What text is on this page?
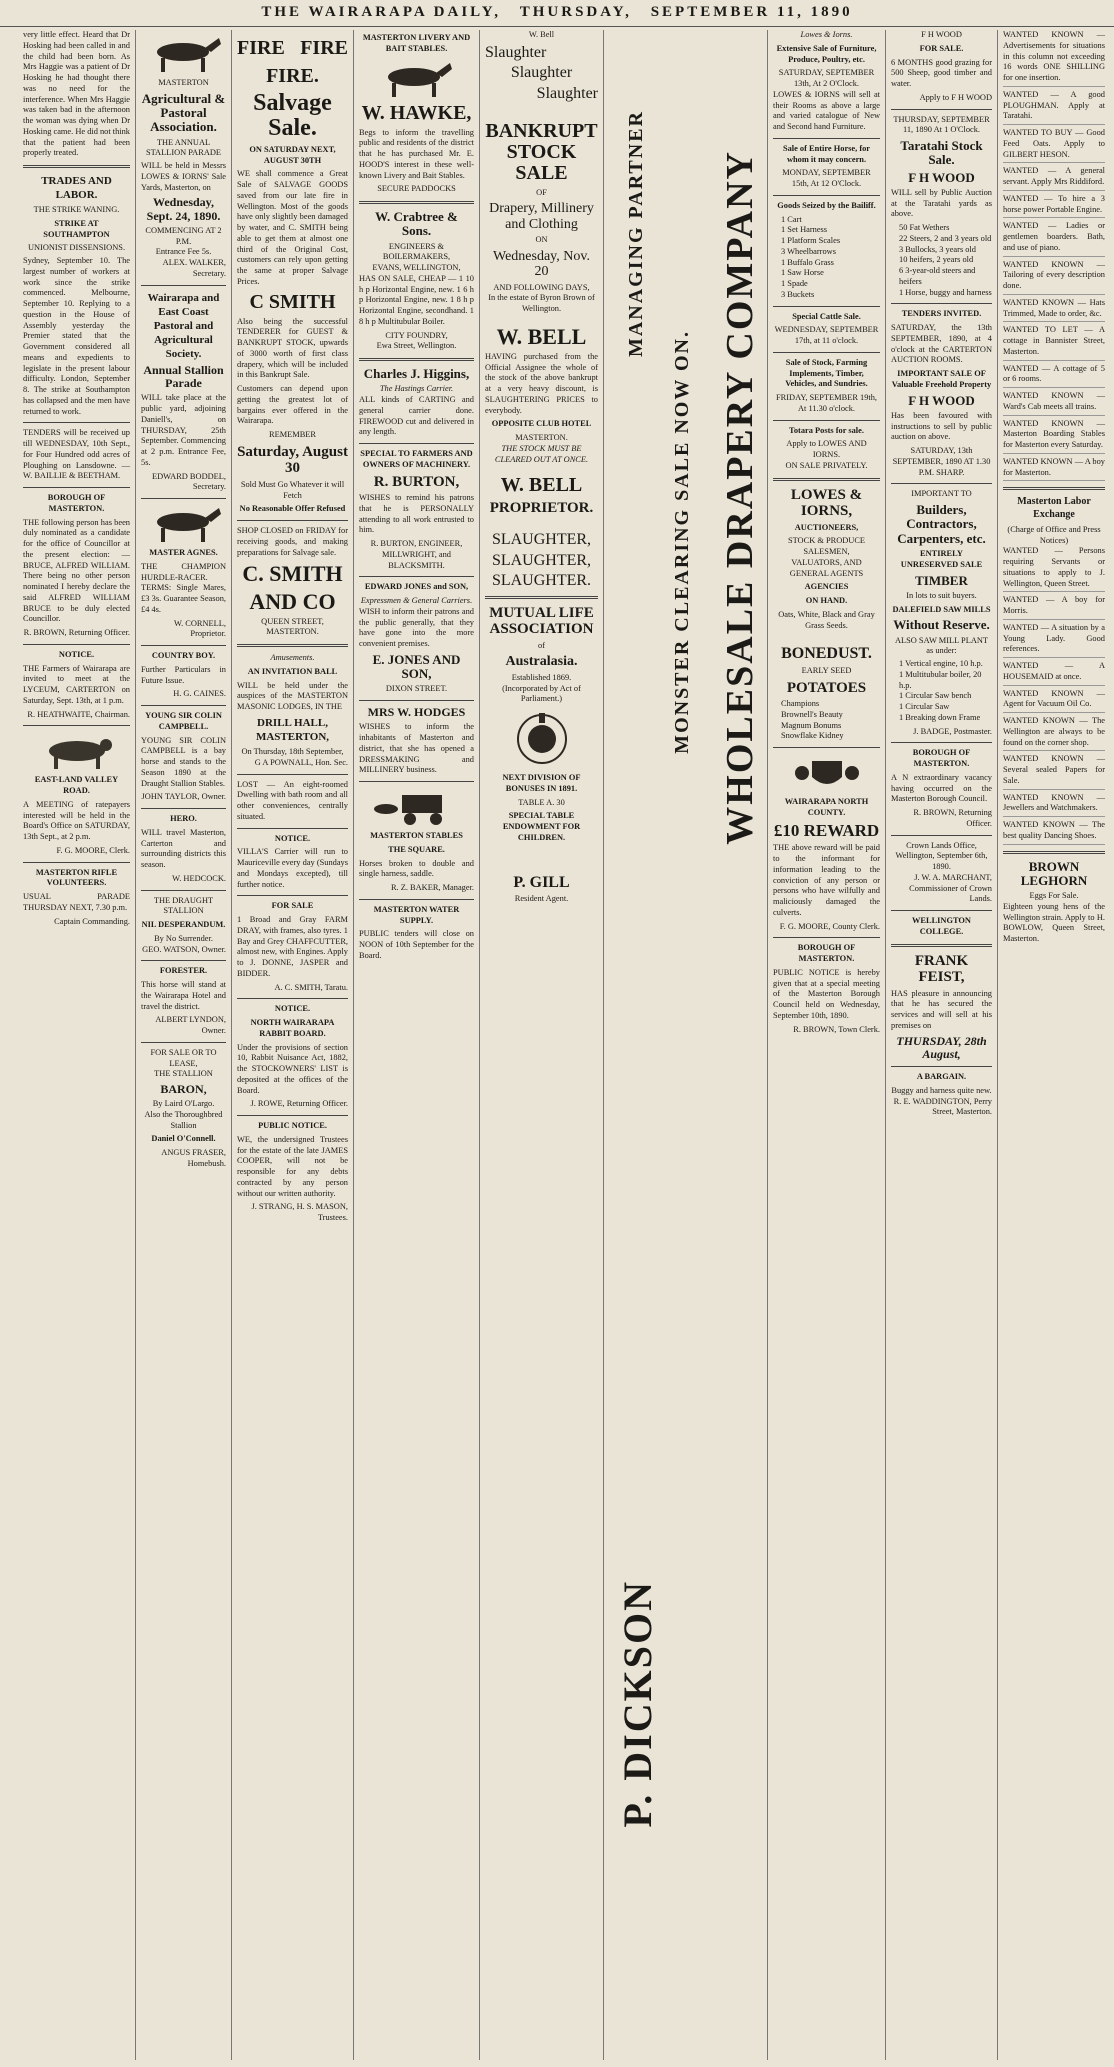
THE WAIRARAPA DAILY, THURSDAY, SEPTEMBER 11, 1890

very little effect. Heard that Dr Hosking had been called in and the child had been born. As Mrs Haggie was a patient of Dr Hosking he had thought there was no need for the interference. When Mrs Haggie was taken bad in the afternoon the woman was dying when Dr Hosking came. He did not think that the patient had been properly treated.

TRADES AND LABOR.
THE STRIKE WANING.
STRIKE AT SOUTHAMPTON
UNIONIST DISSENSIONS.

Sydney, September 10. The largest number of workers at work since the strike commenced. Melbourne, September 10. Replying to a question in the House of Assembly yesterday the Premier stated that the Government considered all means and expedients to legislate in the present labour difficulty. London, September 8. The strike at Southampton has collapsed and the men have returned to work.

TENDERS will be received up till WEDNESDAY, 10th Sept., for Four Hundred odd acres of Ploughing on Lansdowne. — W. BAILLIE & BEETHAM.

BOROUGH OF MASTERTON.

THE following person has been duly nominated as a candidate for the office of Councillor at the present election: — BRUCE, ALFRED WILLIAM. There being no other person nominated I hereby declare the said ALFRED WILLIAM BRUCE to be duly elected Councillor.

R. BROWN, Returning Officer.
NOTICE.

THE Farmers of Wairarapa are invited to meet at the LYCEUM, CARTERTON on Saturday, Sept. 13th, at 1 p.m.

R. HEATHWAITE, Chairman.
EAST-LAND VALLEY ROAD.

A MEETING of ratepayers interested will be held in the Board's Office on SATURDAY, 13th Sept., at 2 p.m.

F. G. MOORE, Clerk.
MASTERTON RIFLE VOLUNTEERS.

USUAL PARADE THURSDAY NEXT, 7.30 p.m.

Captain Commanding.
MASTERTON
Agricultural & Pastoral Association.
THE ANNUAL STALLION PARADE

WILL be held in Messrs LOWES & IORNS' Sale Yards, Masterton, on

Wednesday, Sept. 24, 1890.
COMMENCING AT 2 P.M.
Entrance Fee 5s.
ALEX. WALKER, Secretary.
Wairarapa and East Coast Pastoral and Agricultural Society.
Annual Stallion Parade

WILL take place at the public yard, adjoining Daniell's, on THURSDAY, 25th September. Commencing at 2 p.m. Entrance Fee, 5s.

EDWARD BODDEL, Secretary.
MASTER AGNES.

THE CHAMPION HURDLE-RACER. TERMS: Single Mares, £3 3s. Guarantee Season, £4 4s.

W. CORNELL, Proprietor.
COUNTRY BOY.

Further Particulars in Future Issue.

H. G. CAINES.
YOUNG SIR COLIN CAMPBELL.

YOUNG SIR COLIN CAMPBELL is a bay horse and stands to the Season 1890 at the Draught Stallion Stables.

JOHN TAYLOR, Owner.
HERO.

WILL travel Masterton, Carterton and surrounding districts this season.

W. HEDCOCK.
THE DRAUGHT STALLION
NIL DESPERANDUM.
By No Surrender.
GEO. WATSON, Owner.
FORESTER.

This horse will stand at the Wairarapa Hotel and travel the district.

ALBERT LYNDON, Owner.
FOR SALE OR TO LEASE,
THE STALLION
BARON,
By Laird O'Largo.
Also the Thoroughbred Stallion
Daniel O'Connell.
ANGUS FRASER, Homebush.
FIRE FIRE
FIRE.
Salvage Sale.
ON SATURDAY NEXT, AUGUST 30TH

WE shall commence a Great Sale of SALVAGE GOODS saved from our late fire in Wellington. Most of the goods have only slightly been damaged by water, and C. SMITH being able to get them at almost one third of the Original Cost, customers can rely upon getting the same at proper Salvage Prices.

C SMITH

Also being the successful TENDERER for GUEST & BANKRUPT STOCK, upwards of 3000 worth of first class drapery, which will be included in this Bankrupt Sale.

Customers can depend upon getting the greatest lot of bargains ever offered in the Wairarapa.

REMEMBER
Saturday, August 30
Sold Must Go Whatever it will Fetch
No Reasonable Offer Refused

SHOP CLOSED on FRIDAY for receiving goods, and making preparations for Salvage sale.

C. SMITH
AND CO
QUEEN STREET,
MASTERTON.
Amusements.
AN INVITATION BALL

WILL be held under the auspices of the MASTERTON MASONIC LODGES, IN THE

DRILL HALL, MASTERTON,
On Thursday, 18th September,
G A POWNALL, Hon. Sec.

LOST — An eight-roomed Dwelling with bath room and all other conveniences, centrally situated.

NOTICE.

VILLA'S Carrier will run to Mauriceville every day (Sundays and Mondays excepted), till further notice.

FOR SALE

1 Broad and Gray FARM DRAY, with frames, also tyres. 1 Bay and Grey CHAFFCUTTER, almost new, with Engines. Apply to J. DONNE, JASPER and BIDDER.

A. C. SMITH, Taratu.
NOTICE.
NORTH WAIRARAPA RABBIT BOARD.

Under the provisions of section 10, Rabbit Nuisance Act, 1882, the STOCKOWNERS' LIST is deposited at the offices of the Board.

J. ROWE, Returning Officer.
PUBLIC NOTICE.

WE, the undersigned Trustees for the estate of the late JAMES COOPER, will not be responsible for any debts contracted by any person without our written authority.

J. STRANG, H. S. MASON, Trustees.
MASTERTON LIVERY AND BAIT STABLES.
W. HAWKE,

Begs to inform the travelling public and residents of the district that he has purchased Mr. E. HOOD'S interest in these well-known Livery and Bait Stables.

SECURE PADDOCKS
W. Crabtree & Sons.
ENGINEERS & BOILERMAKERS,
EVANS, WELLINGTON,

HAS ON SALE, CHEAP — 1 10 h p Horizontal Engine, new. 1 6 h p Horizontal Engine, new. 1 8 h p Horizontal Engine, secondhand. 1 8 h p Multitubular Boiler.

CITY FOUNDRY,
Ewa Street, Wellington.
Charles J. Higgins,
The Hastings Carrier.

ALL kinds of CARTING and general carrier done. FIREWOOD cut and delivered in any length.

SPECIAL TO FARMERS AND OWNERS OF MACHINERY.
R. BURTON,

WISHES to remind his patrons that he is PERSONALLY attending to all work entrusted to him.

R. BURTON, ENGINEER, MILLWRIGHT, and BLACKSMITH.
EDWARD JONES and SON,
Expressmen & General Carriers.

WISH to inform their patrons and the public generally, that they have gone into the more convenient premises.

E. JONES AND SON,
DIXON STREET.
MRS W. HODGES

WISHES to inform the inhabitants of Masterton and district, that she has opened a DRESSMAKING and MILLINERY business.

MASTERTON STABLES
THE SQUARE.

Horses broken to double and single harness, saddle.

R. Z. BAKER, Manager.
MASTERTON WATER SUPPLY.

PUBLIC tenders will close on NOON of 10th September for the Board.

W. Bell
Slaughter
Slaughter
Slaughter
BANKRUPT STOCK SALE
OF
Drapery, Millinery and Clothing
ON
Wednesday, Nov. 20
AND FOLLOWING DAYS,
In the estate of Byron Brown of Wellington.
W. BELL

HAVING purchased from the Official Assignee the whole of the stock of the above bankrupt at a very heavy discount, is SLAUGHTERING PRICES to everybody.

OPPOSITE CLUB HOTEL
MASTERTON.
THE STOCK MUST BE CLEARED OUT AT ONCE.
W. BELL
PROPRIETOR.
SLAUGHTER,
SLAUGHTER,
SLAUGHTER.
MUTUAL LIFE ASSOCIATION
of
Australasia.
Established 1869.
(Incorporated by Act of Parliament.)
NEXT DIVISION OF BONUSES IN 1891.
TABLE A. 30
SPECIAL TABLE ENDOWMENT FOR CHILDREN.
P. GILL
Resident Agent.
WHOLESALE DRAPERY COMPANY
MONSTER CLEARING SALE NOW ON.
MANAGING PARTNER
P. DICKSON
Lowes & Iorns.
Extensive Sale of Furniture, Produce, Poultry, etc.
SATURDAY, SEPTEMBER 13th, At 2 O'Clock.

LOWES & IORNS will sell at their Rooms as above a large and varied catalogue of New and Second hand Furniture.

Sale of Entire Horse, for whom it may concern.
MONDAY, SEPTEMBER 15th, At 12 O'Clock.
Goods Seized by the Bailiff.
1 Cart
1 Set Harness
1 Platform Scales
3 Wheelbarrows
1 Buffalo Grass
1 Saw Horse
1 Spade
3 Buckets
Special Cattle Sale.
WEDNESDAY, SEPTEMBER 17th, at 11 o'clock.
Sale of Stock, Farming Implements, Timber, Vehicles, and Sundries.
FRIDAY, SEPTEMBER 19th, At 11.30 o'clock.
Totara Posts for sale.
Apply to LOWES AND IORNS.
ON SALE PRIVATELY.
LOWES & IORNS,
AUCTIONEERS,
STOCK & PRODUCE SALESMEN,
VALUATORS, AND GENERAL AGENTS
AGENCIES
ON HAND.
Oats, White, Black and Gray Grass Seeds.
BONEDUST.
EARLY SEED
POTATOES
Champions
Brownell's Beauty
Magnum Bonums
Snowflake Kidney
WAIRARAPA NORTH COUNTY.
£10 REWARD

THE above reward will be paid to the informant for information leading to the conviction of any person or persons who have wilfully and maliciously damaged the culverts.

F. G. MOORE, County Clerk.
BOROUGH OF MASTERTON.

PUBLIC NOTICE is hereby given that at a special meeting of the Masterton Borough Council held on Wednesday, September 10th, 1890.

R. BROWN, Town Clerk.
F H WOOD
FOR SALE.

6 MONTHS good grazing for 500 Sheep, good timber and water.

Apply to F H WOOD
THURSDAY, SEPTEMBER 11, 1890 At 1 O'Clock.
Taratahi Stock Sale.
F H WOOD

WILL sell by Public Auction at the Taratahi yards as above.

50 Fat Wethers
22 Steers, 2 and 3 years old
3 Bullocks, 3 years old
10 heifers, 2 years old
6 3-year-old steers and heifers
1 Horse, buggy and harness
TENDERS INVITED.

SATURDAY, the 13th SEPTEMBER, 1890, at 4 o'clock at the CARTERTON AUCTION ROOMS.

IMPORTANT SALE OF Valuable Freehold Property
F H WOOD

Has been favoured with instructions to sell by public auction on above.

SATURDAY, 13th SEPTEMBER, 1890 AT 1.30 P.M. SHARP.
IMPORTANT TO
Builders, Contractors, Carpenters, etc.
ENTIRELY UNRESERVED SALE
TIMBER
In lots to suit buyers.
DALEFIELD SAW MILLS
Without Reserve.
ALSO SAW MILL PLANT as under:
1 Vertical engine, 10 h.p.
1 Multitubular boiler, 20 h.p.
1 Circular Saw bench
1 Circular Saw
1 Breaking down Frame
J. BADGE, Postmaster.
BOROUGH OF MASTERTON.

A N extraordinary vacancy having occurred on the Masterton Borough Council.

R. BROWN, Returning Officer.
Crown Lands Office, Wellington, September 6th, 1890.
J. W. A. MARCHANT, Commissioner of Crown Lands.
WELLINGTON COLLEGE.
FRANK FEIST,

HAS pleasure in announcing that he has secured the services and will sell at his premises on

THURSDAY, 28th August,
A BARGAIN.
Buggy and harness quite new.
R. E. WADDINGTON, Perry Street, Masterton.

WANTED KNOWN — Advertisements for situations in this column not exceeding 16 words ONE SHILLING for one insertion.

WANTED — A good PLOUGHMAN. Apply at Taratahi.

WANTED TO BUY — Good Feed Oats. Apply to GILBERT HESON.

WANTED — A general servant. Apply Mrs Riddiford.

WANTED — To hire a 3 horse power Portable Engine.

WANTED — Ladies or gentlemen boarders. Bath, and use of piano.

WANTED KNOWN — Tailoring of every description done.

WANTED KNOWN — Hats Trimmed, Made to order, &c.

WANTED TO LET — A cottage in Bannister Street, Masterton.

WANTED — A cottage of 5 or 6 rooms.

WANTED KNOWN — Ward's Cab meets all trains.

WANTED KNOWN — Masterton Boarding Stables for Masterton every Saturday.

WANTED KNOWN — A boy for Masterton.

Masterton Labor Exchange
(Charge of Office and Press Notices)

WANTED — Persons requiring Servants or situations to apply to J. Wellington, Queen Street.

WANTED — A boy for Morris.

WANTED — A situation by a Young Lady. Good references.

WANTED — A HOUSEMAID at once.

WANTED KNOWN — Agent for Vacuum Oil Co.

WANTED KNOWN — The Wellington are always to be found on the corner shop.

WANTED KNOWN — Several sealed Papers for Sale.

WANTED KNOWN — Jewellers and Watchmakers.

WANTED KNOWN — The best quality Dancing Shoes.

BROWN LEGHORN
Eggs For Sale.

Eighteen young hens of the Wellington strain. Apply to H. BOWLOW, Queen Street, Masterton.
